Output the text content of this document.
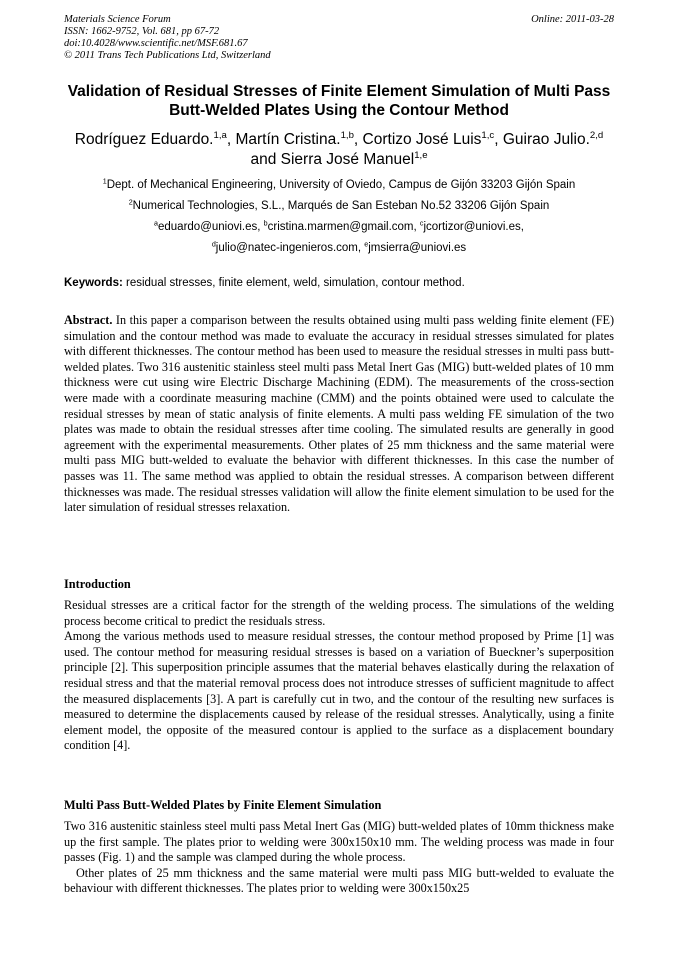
Materials Science Forum
ISSN: 1662-9752, Vol. 681, pp 67-72
doi:10.4028/www.scientific.net/MSF.681.67
© 2011 Trans Tech Publications Ltd, Switzerland
Online: 2011-03-28
Validation of Residual Stresses of Finite Element Simulation of Multi Pass Butt-Welded Plates Using the Contour Method
Rodríguez Eduardo.$^{1,a}$, Martín Cristina.$^{1,b}$, Cortizo José Luis$^{1,c}$, Guirao Julio.$^{2,d}$
and Sierra José Manuel$^{1,e}$
$^1$Dept. of Mechanical Engineering, University of Oviedo, Campus de Gijón 33203 Gijón Spain
$^2$Numerical Technologies, S.L., Marqués de San Esteban No.52 33206 Gijón Spain
$^a$eduardo@uniovi.es, $^b$cristina.marmen@gmail.com, $^c$jcortizor@uniovi.es,
$^d$julio@natec-ingenieros.com, $^e$jmsierra@uniovi.es
Keywords: residual stresses, finite element, weld, simulation, contour method.
Abstract. In this paper a comparison between the results obtained using multi pass welding finite element (FE) simulation and the contour method was made to evaluate the accuracy in residual stresses simulated for plates with different thicknesses. The contour method has been used to measure the residual stresses in multi pass butt-welded plates. Two 316 austenitic stainless steel multi pass Metal Inert Gas (MIG) butt-welded plates of 10 mm thickness were cut using wire Electric Discharge Machining (EDM). The measurements of the cross-section were made with a coordinate measuring machine (CMM) and the points obtained were used to calculate the residual stresses by mean of static analysis of finite elements. A multi pass welding FE simulation of the two plates was made to obtain the residual stresses after time cooling. The simulated results are generally in good agreement with the experimental measurements. Other plates of 25 mm thickness and the same material were multi pass MIG butt-welded to evaluate the behavior with different thicknesses. In this case the number of passes was 11. The same method was applied to obtain the residual stresses. A comparison between different thicknesses was made. The residual stresses validation will allow the finite element simulation to be used for the later simulation of residual stresses relaxation.
Introduction

Residual stresses are a critical factor for the strength of the welding process. The simulations of the welding process become critical to predict the residuals stress.

Among the various methods used to measure residual stresses, the contour method proposed by Prime [1] was used. The contour method for measuring residual stresses is based on a variation of Bueckner’s superposition principle [2]. This superposition principle assumes that the material behaves elastically during the relaxation of residual stress and that the material removal process does not introduce stresses of sufficient magnitude to affect the measured displacements [3]. A part is carefully cut in two, and the contour of the resulting new surfaces is measured to determine the displacements caused by release of the residual stresses. Analytically, using a finite element model, the opposite of the measured contour is applied to the surface as a displacement boundary condition [4].

Multi Pass Butt-Welded Plates by Finite Element Simulation

Two 316 austenitic stainless steel multi pass Metal Inert Gas (MIG) butt-welded plates of 10mm thickness make up the first sample. The plates prior to welding were 300x150x10 mm. The welding process was made in four passes (Fig. 1) and the sample was clamped during the whole process.

Other plates of 25 mm thickness and the same material were multi pass MIG butt-welded to evaluate the behaviour with different thicknesses. The plates prior to welding were 300x150x25
